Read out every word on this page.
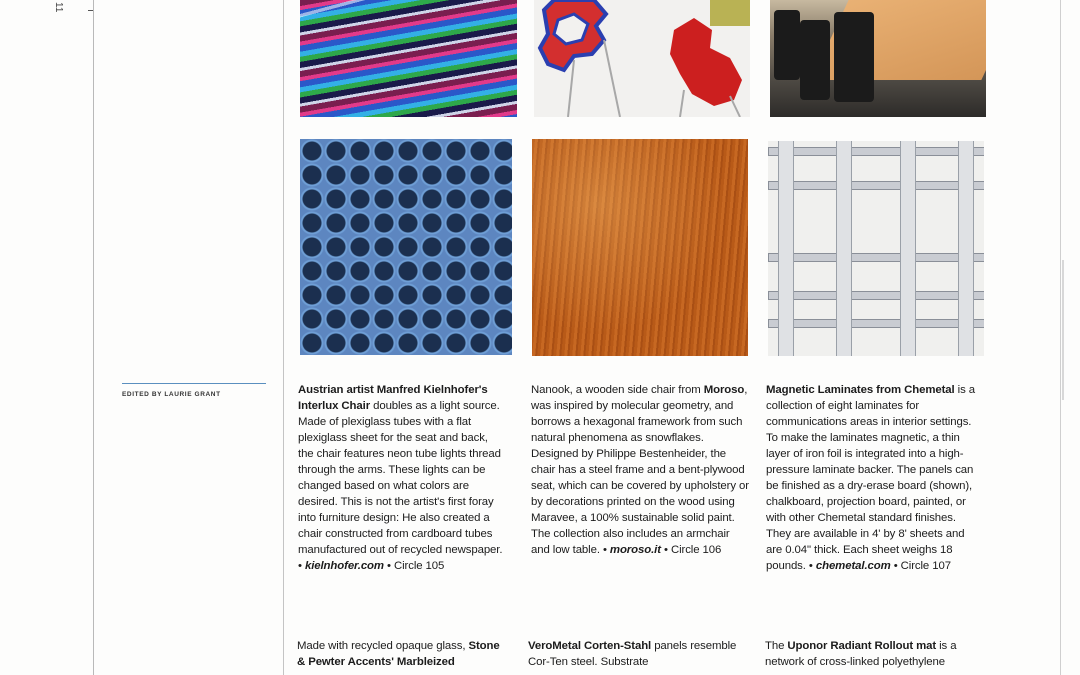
11
EDITED BY LAURIE GRANT	Austrian artist Manfred Kielnhofer's Interlux Chair doubles as a light source. Made of plexiglass tubes with a flat plexiglass sheet for the seat and back, the chair features neon tube lights thread through the arms. These lights can be changed based on what colors are desired. This is not the artist's first foray into furniture design: He also created a chair constructed from cardboard tubes manufactured out of recycled newspaper. • kielnhofer.com • Circle 105
Nanook, a wooden side chair from Moroso, was inspired by molecular geometry, and borrows a hexagonal framework from such natural phenomena as snowflakes. Designed by Philippe Bestenheider, the chair has a steel frame and a bent-plywood seat, which can be covered by upholstery or by decorations printed on the wood using Maravee, a 100% sustainable solid paint. The collection also includes an armchair and low table. • moroso.it • Circle 106
Magnetic Laminates from Chemetal is a collection of eight laminates for communications areas in interior settings. To make the laminates magnetic, a thin layer of iron foil is integrated into a high-pressure laminate backer. The panels can be finished as a dry-erase board (shown), chalkboard, projection board, painted, or with other Chemetal standard finishes. They are available in 4' by 8' sheets and are 0.04" thick. Each sheet weighs 18 pounds. • chemetal.com • Circle 107
Made with recycled opaque glass, Stone & Pewter Accents' Marbleized
VeroMetal Corten-Stahl panels resemble Cor-Ten steel. Substrate
The Uponor Radiant Rollout mat is a network of cross-linked polyethylene
